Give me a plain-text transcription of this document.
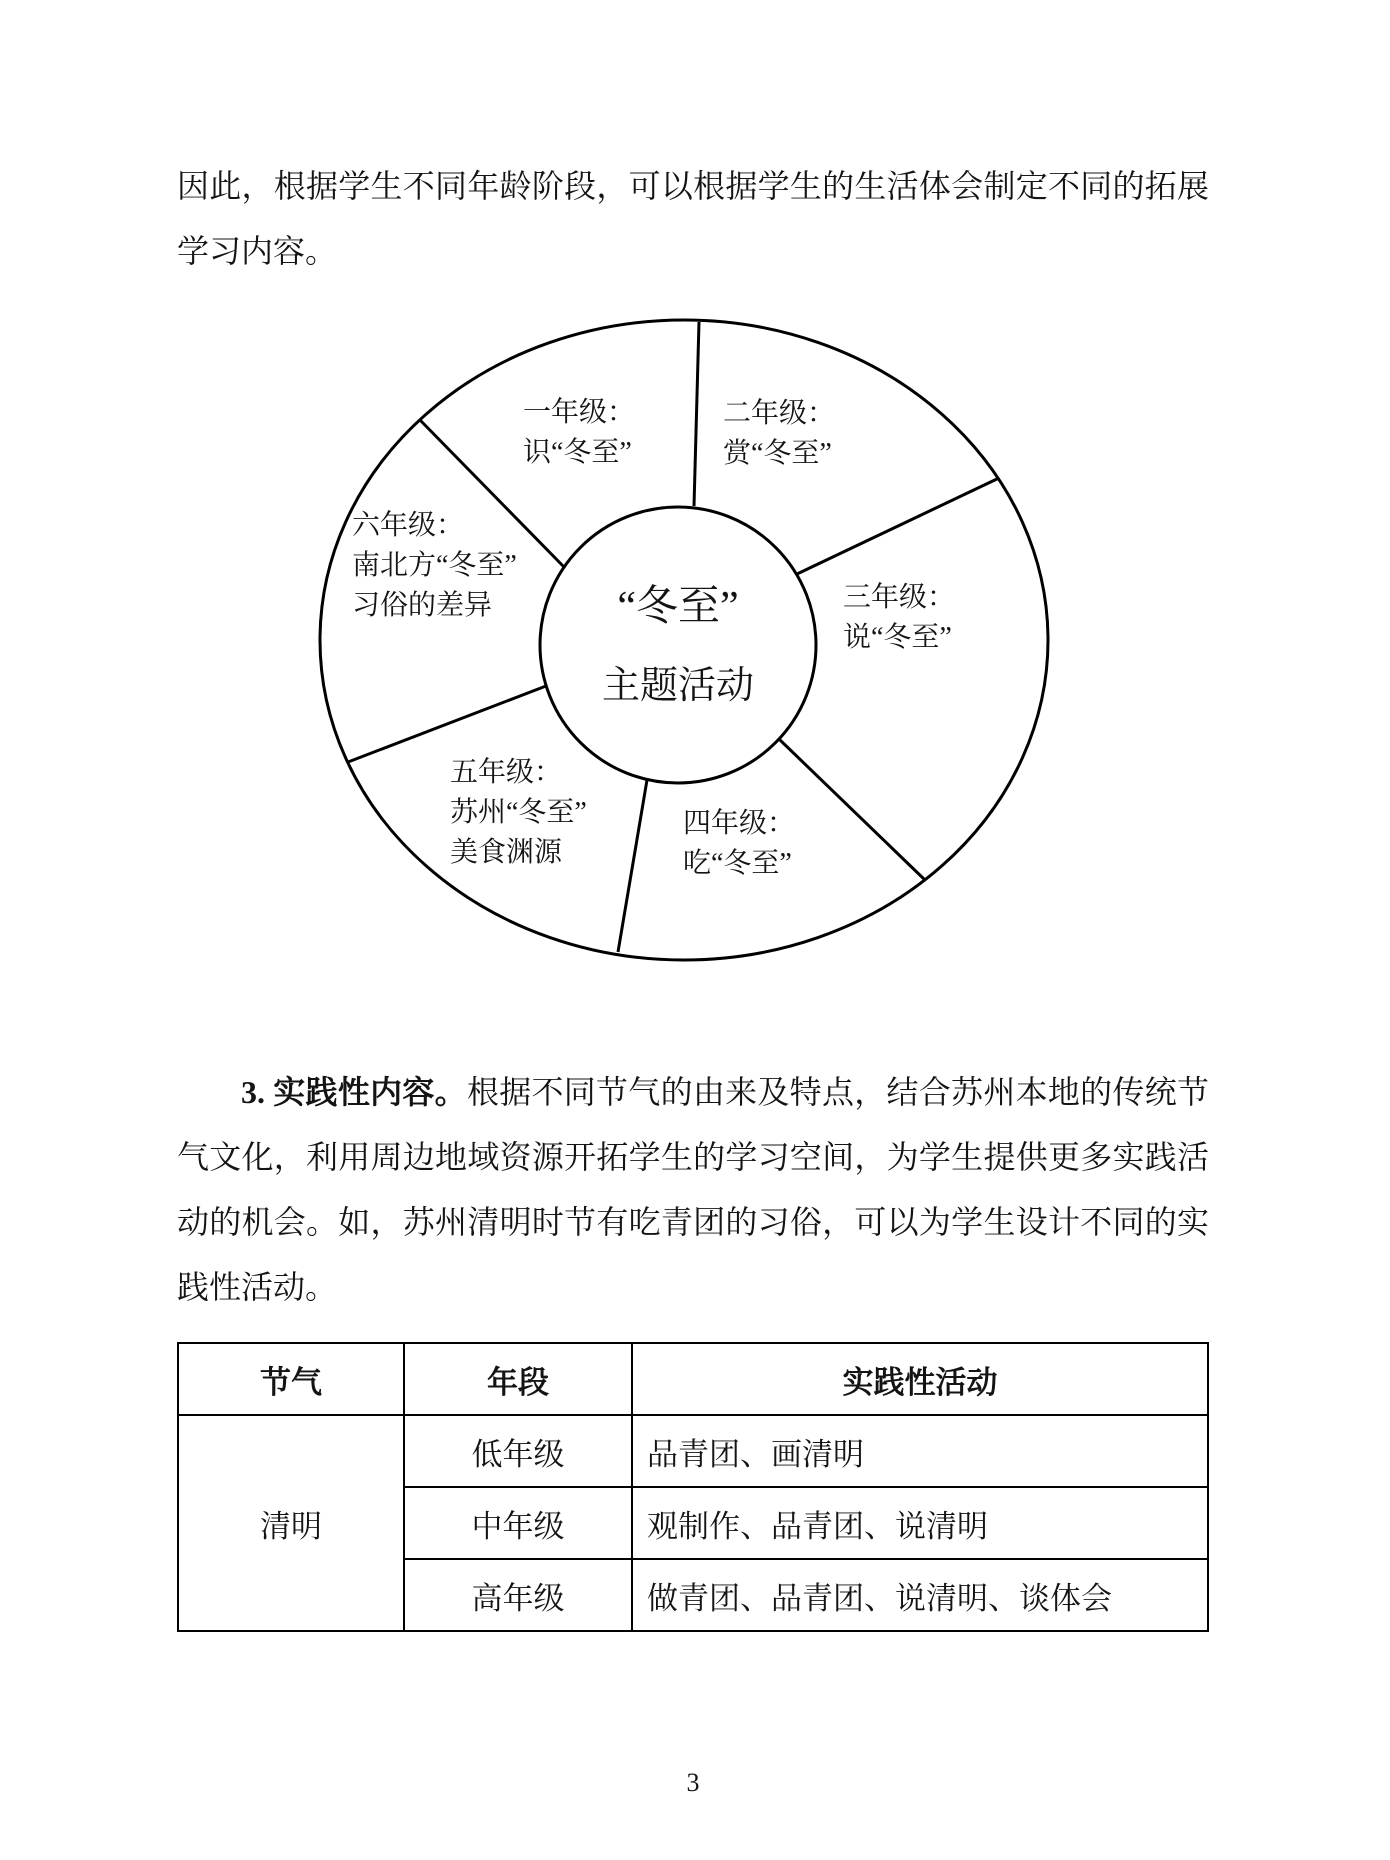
因此，根据学生不同年龄阶段，可以根据学生的生活体会制定不同的拓展
学习内容。
一年级：
识“冬至”
二年级：
赏“冬至”
三年级：
说“冬至”
四年级：
吃“冬至”
五年级：
苏州“冬至”
美食渊源
六年级：
南北方“冬至”
习俗的差异	“冬至”
主题活动
3. 实践性内容。根据不同节气的由来及特点，结合苏州本地的传统节
气文化，利用周边地域资源开拓学生的学习空间，为学生提供更多实践活
动的机会。如，苏州清明时节有吃青团的习俗，可以为学生设计不同的实
践性活动。
节气	年段	实践性活动
清明	低年级	品青团、画清明
	中年级	观制作、品青团、说清明
	高年级	做青团、品青团、说清明、谈体会
3
